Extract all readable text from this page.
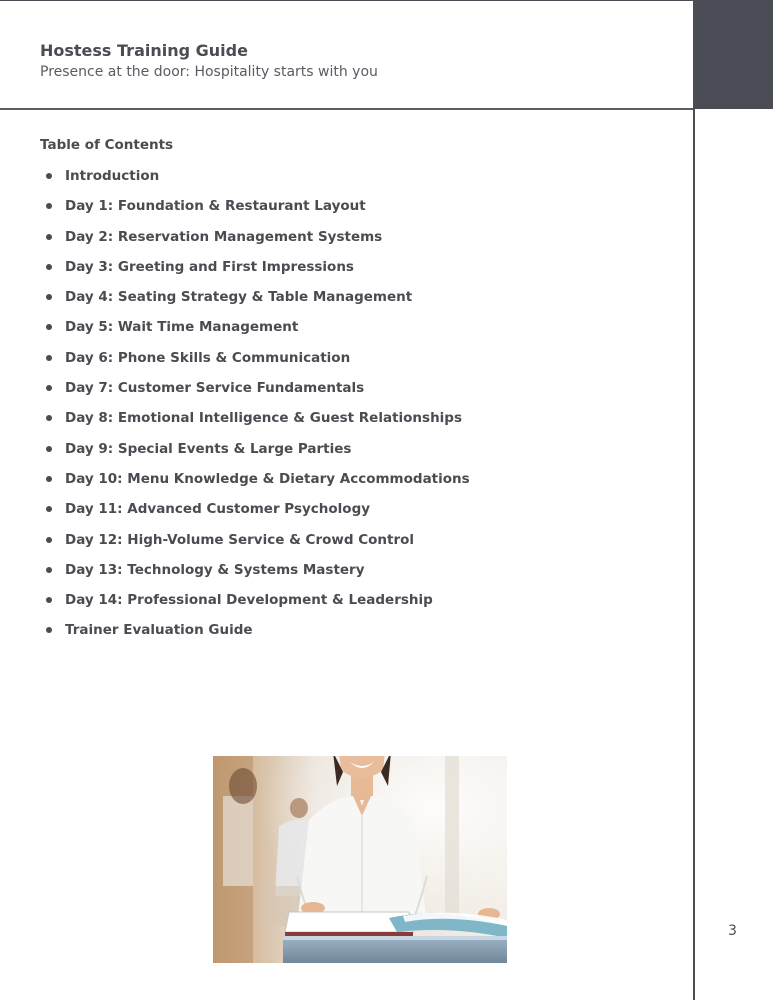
Hostess Training Guide
Presence at the door: Hospitality starts with you
Table of Contents
Introduction
Day 1: Foundation & Restaurant Layout
Day 2: Reservation Management Systems
Day 3: Greeting and First Impressions
Day 4: Seating Strategy & Table Management
Day 5: Wait Time Management
Day 6: Phone Skills & Communication
Day 7: Customer Service Fundamentals
Day 8: Emotional Intelligence & Guest Relationships
Day 9: Special Events & Large Parties
Day 10: Menu Knowledge & Dietary Accommodations
Day 11: Advanced Customer Psychology
Day 12: High-Volume Service & Crowd Control
Day 13: Technology & Systems Mastery
Day 14: Professional Development & Leadership
Trainer Evaluation Guide
3
